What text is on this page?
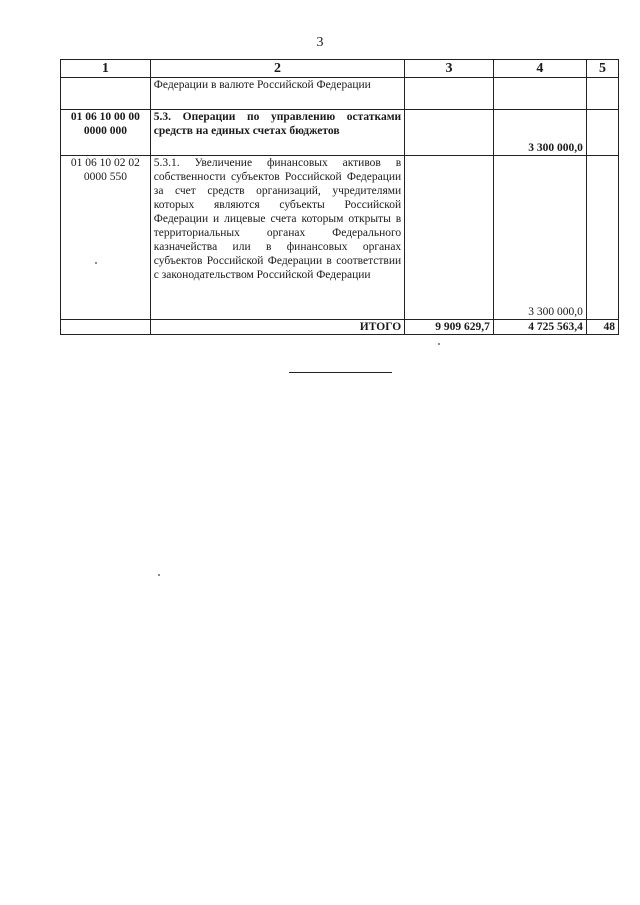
3
1	2	3	4	5
	Федерации в валюте Российской Федерации			
01 06 10 00 00 0000 000	5.3. Операции по управлению остатками средств на единых счетах бюджетов		3 300 000,0	
01 06 10 02 02 0000 550	5.3.1. Увеличение финансовых активов в собственности субъектов Российской Федерации за счет средств организаций, учредителями которых являются субъекты Российской Федерации и лицевые счета которым открыты в территориальных органах Федерального казначейства или в финансовых органах субъектов Российской Федерации в соответствии с законодательством Российской Федерации		3 300 000,0	
	ИТОГО	9 909 629,7	4 725 563,4	48
